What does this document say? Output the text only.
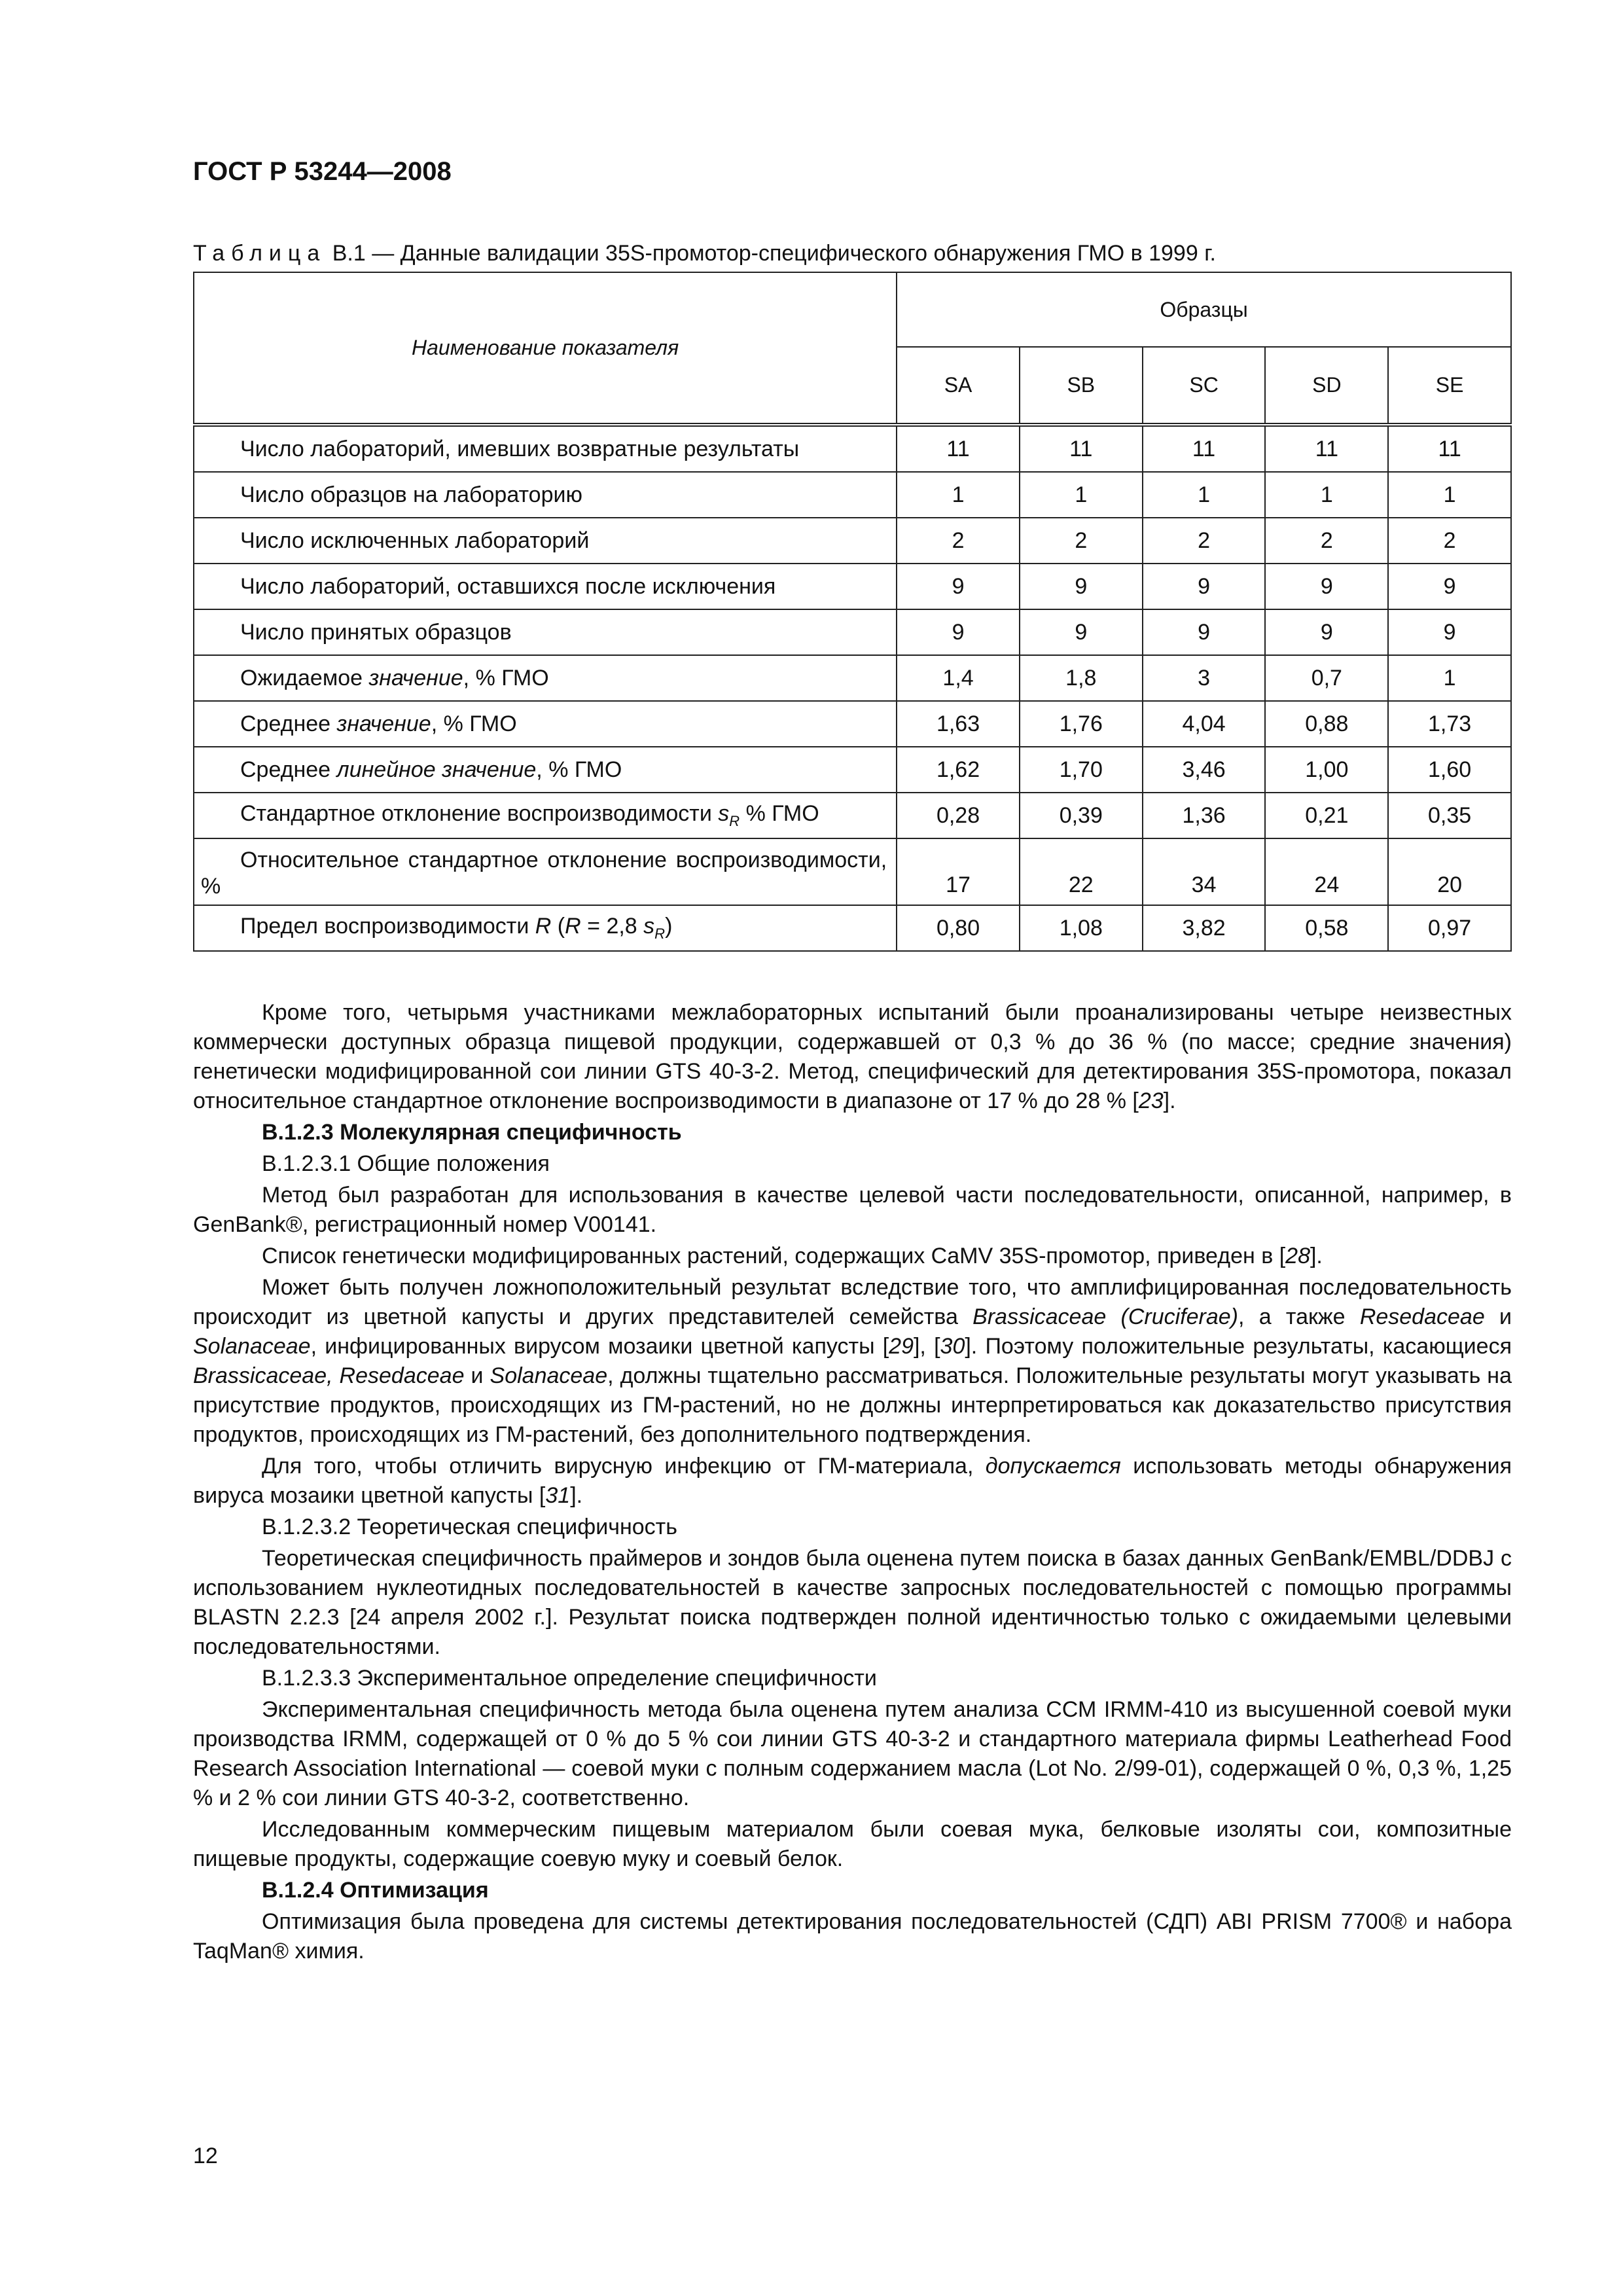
ГОСТ Р 53244—2008
Таблица В.1 — Данные валидации 35S-промотор-специфического обнаружения ГМО в 1999 г.
Наименование показателя	Образцы				
	SA	SB	SC	SD	SE
Число лабораторий, имевших возвратные результаты	11	11	11	11	11
Число образцов на лабораторию	1	1	1	1	1
Число исключенных лабораторий	2	2	2	2	2
Число лабораторий, оставшихся после исключения	9	9	9	9	9
Число принятых образцов	9	9	9	9	9
Ожидаемое значение, % ГМО	1,4	1,8	3	0,7	1
Среднее значение, % ГМО	1,63	1,76	4,04	0,88	1,73
Среднее линейное значение, % ГМО	1,62	1,70	3,46	1,00	1,60
Стандартное отклонение воспроизводимости $s_R$ % ГМО	0,28	0,39	1,36	0,21	0,35
Относительное стандартное отклонение воспроизводимости, %	17	22	34	24	20
Предел воспроизводимости R (R = 2,8 $s_R$)	0,80	1,08	3,82	0,58	0,97

Кроме того, четырьмя участниками межлабораторных испытаний были проанализированы четыре неизвестных коммерчески доступных образца пищевой продукции, содержавшей от 0,3 % до 36 % (по массе; средние значения) генетически модифицированной сои линии GTS 40-3-2. Метод, специфический для детектирования 35S-промотора, показал относительное стандартное отклонение воспроизводимости в диапазоне от 17 % до 28 % [23].

В.1.2.3 Молекулярная специфичность

В.1.2.3.1 Общие положения

Метод был разработан для использования в качестве целевой части последовательности, описанной, например, в GenBank®, регистрационный номер V00141.

Список генетически модифицированных растений, содержащих CaMV 35S-промотор, приведен в [28].

Может быть получен ложноположительный результат вследствие того, что амплифицированная последовательность происходит из цветной капусты и других представителей семейства Brassicaceae (Cruciferae), а также Resedaceae и Solanaceae, инфицированных вирусом мозаики цветной капусты [29], [30]. Поэтому положительные результаты, касающиеся Brassicaceae, Resedaceae и Solanaceae, должны тщательно рассматриваться. Положительные результаты могут указывать на присутствие продуктов, происходящих из ГМ-растений, но не должны интерпретироваться как доказательство присутствия продуктов, происходящих из ГМ-растений, без дополнительного подтверждения.

Для того, чтобы отличить вирусную инфекцию от ГМ-материала, допускается использовать методы обнаружения вируса мозаики цветной капусты [31].

В.1.2.3.2 Теоретическая специфичность

Теоретическая специфичность праймеров и зондов была оценена путем поиска в базах данных GenBank/EMBL/DDBJ с использованием нуклеотидных последовательностей в качестве запросных последовательностей с помощью программы BLASTN 2.2.3 [24 апреля 2002 г.]. Результат поиска подтвержден полной идентичностью только с ожидаемыми целевыми последовательностями.

В.1.2.3.3 Экспериментальное определение специфичности

Экспериментальная специфичность метода была оценена путем анализа ССМ IRMM-410 из высушенной соевой муки производства IRMM, содержащей от 0 % до 5 % сои линии GTS 40-3-2 и стандартного материала фирмы Leatherhead Food Research Association International — соевой муки с полным содержанием масла (Lot No. 2/99-01), содержащей 0 %, 0,3 %, 1,25 % и 2 % сои линии GTS 40-3-2, соответственно.

Исследованным коммерческим пищевым материалом были соевая мука, белковые изоляты сои, композитные пищевые продукты, содержащие соевую муку и соевый белок.

В.1.2.4 Оптимизация

Оптимизация была проведена для системы детектирования последовательностей (СДП) ABI PRISM 7700® и набора TaqMan® химия.

12
